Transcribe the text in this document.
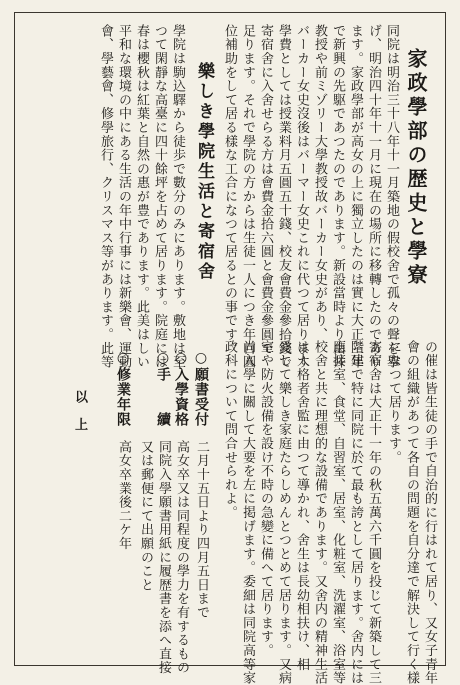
家政學部の歴史と學寮
同院は明治三十八年十一月築地の假校舍で孤々の聲を擧
げ、明治四十年十一月に現在の場所に移轉したのであり
ます。家政學部が高女の上に獨立したのは實に大正三年
で新興の先駆であつたのであります。新設當時より由井
教授や前ミゾリー大學教授故バーカー女史があり、
バーカー女史沒後はバーマー女史これに代つて居ります
學費としては授業料月五圓五十錢、校友會費金參拾錢で
寄宿舍に入舍せらる方は會費金拾六圓と會費金參圓で
足ります。それで學院の方からは生徒一人につき年百圓
位補助をして居る樣な工合になつて居るとの事です。
樂しき學院生活と寄宿舍
學院は駒込驛から徒歩で數分のみにあります。敷地は至
つて閑靜な高臺に四十餘坪を占めて居ります。院庭には
春は櫻秋は紅葉と自然の惠が豊であります。此美はしい
平和な環境の中にある生活の年中行事には新樂會、運動
會、學藝會、修學旅行、クリスマス等があります。此等
の催は皆生徒の手で自治的に行はれて居り、又女子青年
會の組織があつて各自の問題を自分達で解決して行く樣
になつて居ります。
寄宿舍は大正十一年の秋五萬六千圓を投じて新築して三
階建で特に同院に於て最も誇として居ります。舍内には
應接室、食堂、自習室、居室、化粧室、洗濯室、浴室等
校舍と共に理想的な設備であります。又舍内の精神生活
は人格者舍監に由つて導かれ、舍生は長幼相扶け、相
愛して樂しき家庭たらしめんとつとめて居ります。又病
室や防火設備を設け不時の急變に備へて居ります。
尚入學に關して大要を左に掲げます。委細は同院高等家
政科について問合せられよ。
○願書受付
二月十五日より四月五日まで
○入學資格
高女卒又は同程度の學力を有するもの
同院入學願書用紙に履歴書を添へ直接
○手　　續
又は郵便にて出願のこと
○修業年限
高女卒業後二ケ年
以　上
